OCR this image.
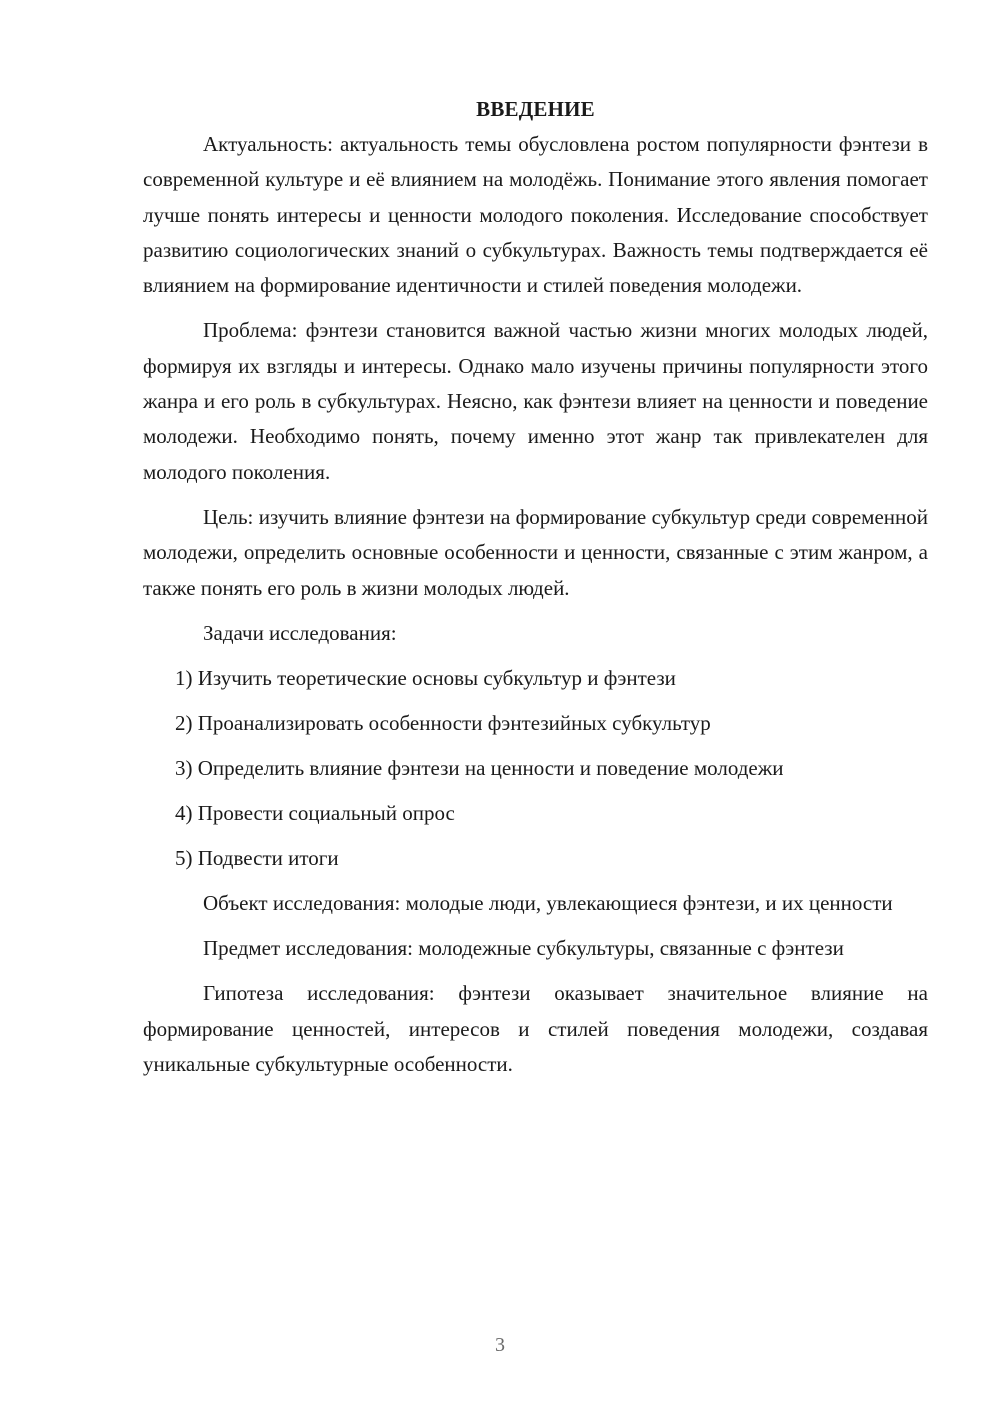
ВВЕДЕНИЕ

Актуальность: актуальность темы обусловлена ростом популярности фэнтези в современной культуре и её влиянием на молодёжь. Понимание этого явления помогает лучше понять интересы и ценности молодого поколения. Исследование способствует развитию социологических знаний о субкультурах. Важность темы подтверждается её влиянием на формирование идентичности и стилей поведения молодежи.

Проблема: фэнтези становится важной частью жизни многих молодых людей, формируя их взгляды и интересы. Однако мало изучены причины популярности этого жанра и его роль в субкультурах. Неясно, как фэнтези влияет на ценности и поведение молодежи. Необходимо понять, почему именно этот жанр так привлекателен для молодого поколения.

Цель: изучить влияние фэнтези на формирование субкультур среди современной молодежи, определить основные особенности и ценности, связанные с этим жанром, а также понять его роль в жизни молодых людей.

Задачи исследования:
1) Изучить теоретические основы субкультур и фэнтези
2) Проанализировать особенности фэнтезийных субкультур
3) Определить влияние фэнтези на ценности и поведение молодежи
4) Провести социальный опрос
5) Подвести итоги

Объект исследования: молодые люди, увлекающиеся фэнтези, и их ценности

Предмет исследования: молодежные субкультуры, связанные с фэнтези

Гипотеза исследования: фэнтези оказывает значительное влияние на формирование ценностей, интересов и стилей поведения молодежи, создавая уникальные субкультурные особенности.

3
